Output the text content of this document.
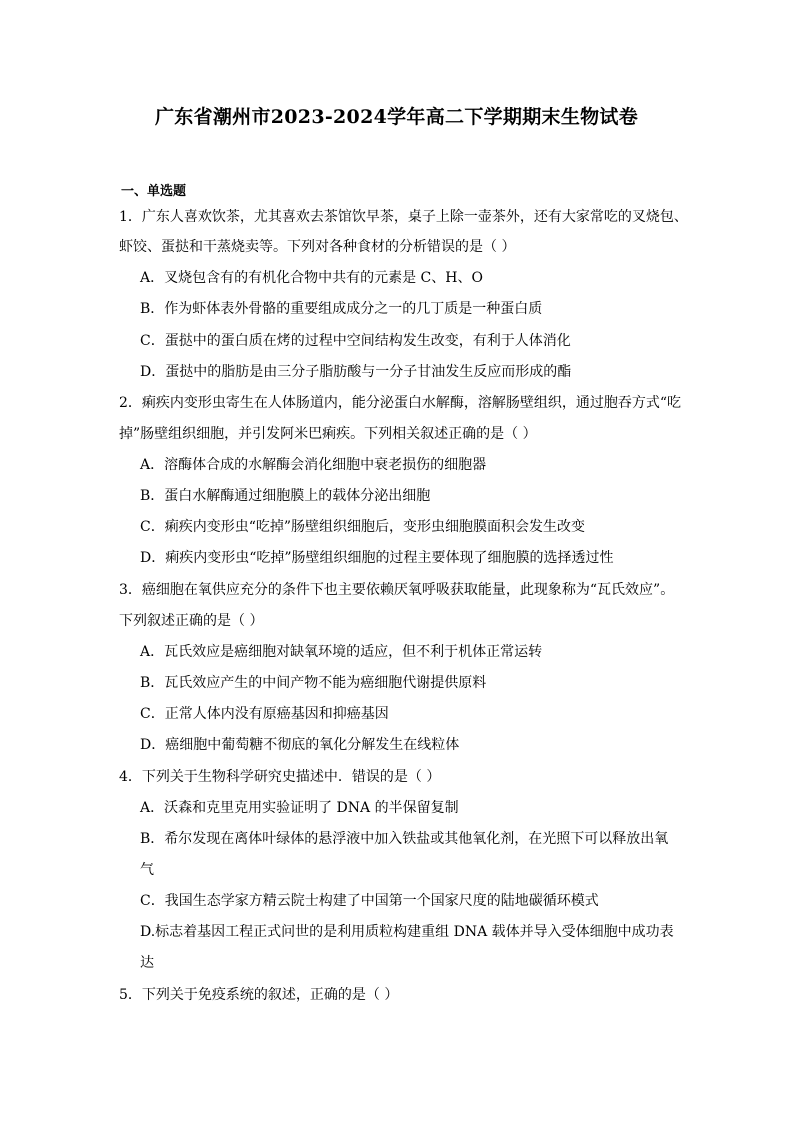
广东省潮州市2023-2024学年高二下学期期末生物试卷
一、单选题
1．广东人喜欢饮茶，尤其喜欢去茶馆饮早茶，桌子上除一壶茶外，还有大家常吃的叉烧包、
虾饺、蛋挞和干蒸烧卖等。下列对各种食材的分析错误的是（ ）
A．叉烧包含有的有机化合物中共有的元素是 C、H、O
B．作为虾体表外骨骼的重要组成成分之一的几丁质是一种蛋白质
C．蛋挞中的蛋白质在烤的过程中空间结构发生改变，有利于人体消化
D．蛋挞中的脂肪是由三分子脂肪酸与一分子甘油发生反应而形成的酯
2．痢疾内变形虫寄生在人体肠道内，能分泌蛋白水解酶，溶解肠壁组织，通过胞吞方式“吃
掉”肠壁组织细胞，并引发阿米巴痢疾。下列相关叙述正确的是（ ）
A．溶酶体合成的水解酶会消化细胞中衰老损伤的细胞器
B．蛋白水解酶通过细胞膜上的载体分泌出细胞
C．痢疾内变形虫“吃掉”肠壁组织细胞后，变形虫细胞膜面积会发生改变
D．痢疾内变形虫“吃掉”肠壁组织细胞的过程主要体现了细胞膜的选择透过性
3．癌细胞在氧供应充分的条件下也主要依赖厌氧呼吸获取能量，此现象称为“瓦氏效应”。
下列叙述正确的是（ ）
A．瓦氏效应是癌细胞对缺氧环境的适应，但不利于机体正常运转
B．瓦氏效应产生的中间产物不能为癌细胞代谢提供原料
C．正常人体内没有原癌基因和抑癌基因
D．癌细胞中葡萄糖不彻底的氧化分解发生在线粒体
4．下列关于生物科学研究史描述中．错误的是（ ）
A．沃森和克里克用实验证明了 DNA 的半保留复制
B．希尔发现在离体叶绿体的悬浮液中加入铁盐或其他氧化剂，在光照下可以释放出氧
气
C．我国生态学家方精云院士构建了中国第一个国家尺度的陆地碳循环模式
D.标志着基因工程正式问世的是利用质粒构建重组 DNA 载体并导入受体细胞中成功表
达
5．下列关于免疫系统的叙述，正确的是（ ）
